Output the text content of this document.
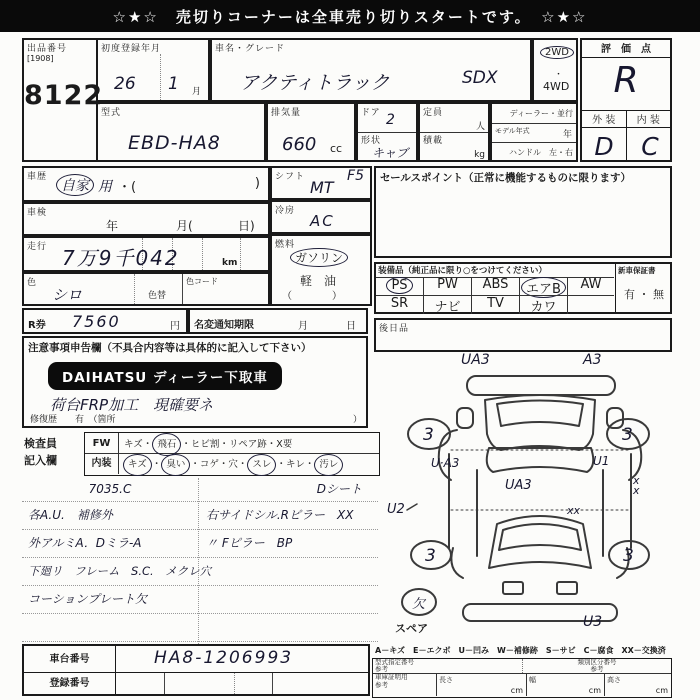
☆★☆　売切りコーナーは全車売り切りスタートです。　☆★☆
出品番号
[1908]
8122
初度登録年月
26 1 月
車名・グレード
アクティトラック	SDX
2WD
・
4WD
型式
EBD-HA8
排気量
660 cc
ドア 2
形状
キャブ
定員
人
積載
kg
ディーラー・並行
モデル年式	年
ハンドル　左・右
評　価　点
R
外 装	内 装
D	C
車歴
自家 用 ・(	)
車検
年	月(	日)
走行 7万9千042	km
色
シロ	色替
色コード
シフト	F5
MT
冷房
AC
燃料
ガソリン
軽　油
（　　　　）
セールスポイント（正常に機能するものに限ります）
装備品（純正品に限り○をつけてください）
PS	PW	ABS	エアB	AW
SR	ナビ	TV	カワ
新車保証書
有 ・ 無
後日品
R券 7560	円 名変通知期限	月	日
注意事項申告欄（不具合内容等は具体的に記入して下さい）
DAIHATSU ディーラー下取車
荷台FRP加工　現確要ネ
修復歴　　有　（箇所	）
検査員
記入欄
FW	キズ・ 飛石 ・ヒビ割・リペア跡・X要
内装	キズ ・ 臭い ・コゲ・穴・ スレ ・キレ・ 汚レ
7035.C	Dシート
各A.U.　補修外	右サイドシル.Rピラー　XX
外アルミA．Dミラ-A	〃 Fピラー　BP
下廻リ　フレーム　S.C.　メクレ穴
コーションプレート欠
車台番号	HA8-1206993
登録番号
3	3
3	3
欠
UA3	A3
U·A3
UA3
U1
x
x
U2	xx
U3
スペア
A－キズ　E－エクボ　U－凹み　W－補修跡　S－サビ　C－腐食　XX－交換済
型式指定番号
参考
類別区分番号
参考
車庫証明用
参考
長さ
cm
幅
cm
高さ
cm
